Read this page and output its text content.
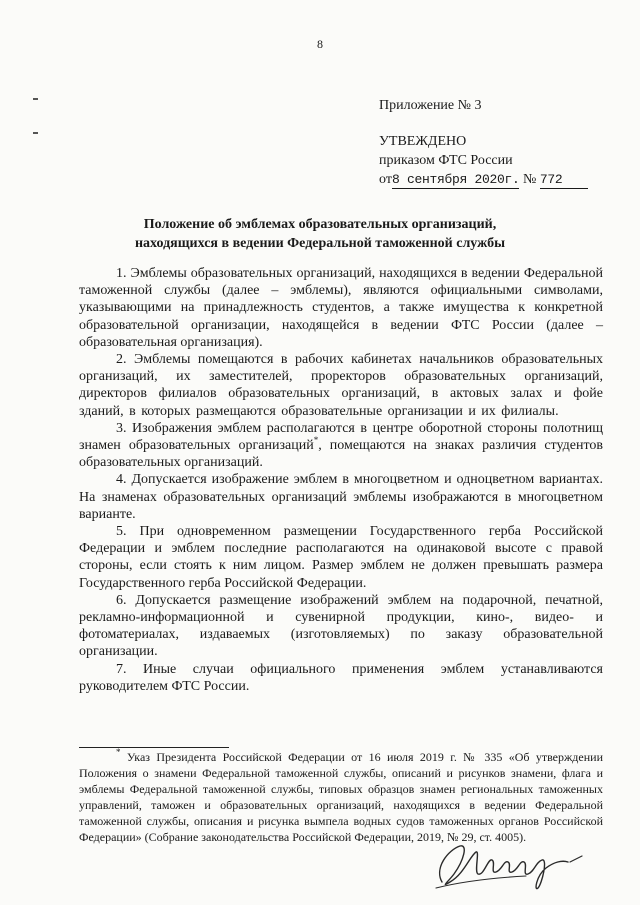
8
Приложение № 3
УТВЕЖДЕНО
приказом ФТС России
от8 сентября 2020г. № 772
Положение об эмблемах образовательных организаций,
находящихся в ведении Федеральной таможенной службы

1. Эмблемы образовательных организаций, находящихся в ведении Федеральной таможенной службы (далее – эмблемы), являются официальными символами, указывающими на принадлежность студентов, а также имущества к конкретной образовательной организации, находящейся в ведении ФТС России (далее – образовательная организация).

2. Эмблемы помещаются в рабочих кабинетах начальников образовательных организаций, их заместителей, проректоров образовательных организаций, директоров филиалов образовательных организаций, в актовых залах и фойе зданий, в которых размещаются образовательные организации и их филиалы.

3. Изображения эмблем располагаются в центре оборотной стороны полотнищ знамен образовательных организаций*, помещаются на знаках различия студентов образовательных организаций.

4. Допускается изображение эмблем в многоцветном и одноцветном вариантах. На знаменах образовательных организаций эмблемы изображаются в многоцветном варианте.

5. При одновременном размещении Государственного герба Российской Федерации и эмблем последние располагаются на одинаковой высоте с правой стороны, если стоять к ним лицом. Размер эмблем не должен превышать размера Государственного герба Российской Федерации.

6. Допускается размещение изображений эмблем на подарочной, печатной, рекламно-информационной и сувенирной продукции, кино-, видео- и фотоматериалах, издаваемых (изготовляемых) по заказу образовательной организации.

7. Иные случаи официального применения эмблем устанавливаются руководителем ФТС России.

* Указ Президента Российской Федерации от 16 июля 2019 г. № 335 «Об утверждении Положения о знамени Федеральной таможенной службы, описаний и рисунков знамени, флага и эмблемы Федеральной таможенной службы, типовых образцов знамен региональных таможенных управлений, таможен и образовательных организаций, находящихся в ведении Федеральной таможенной службы, описания и рисунка вымпела водных судов таможенных органов Российской Федерации» (Собрание законодательства Российской Федерации, 2019, № 29, ст. 4005).
